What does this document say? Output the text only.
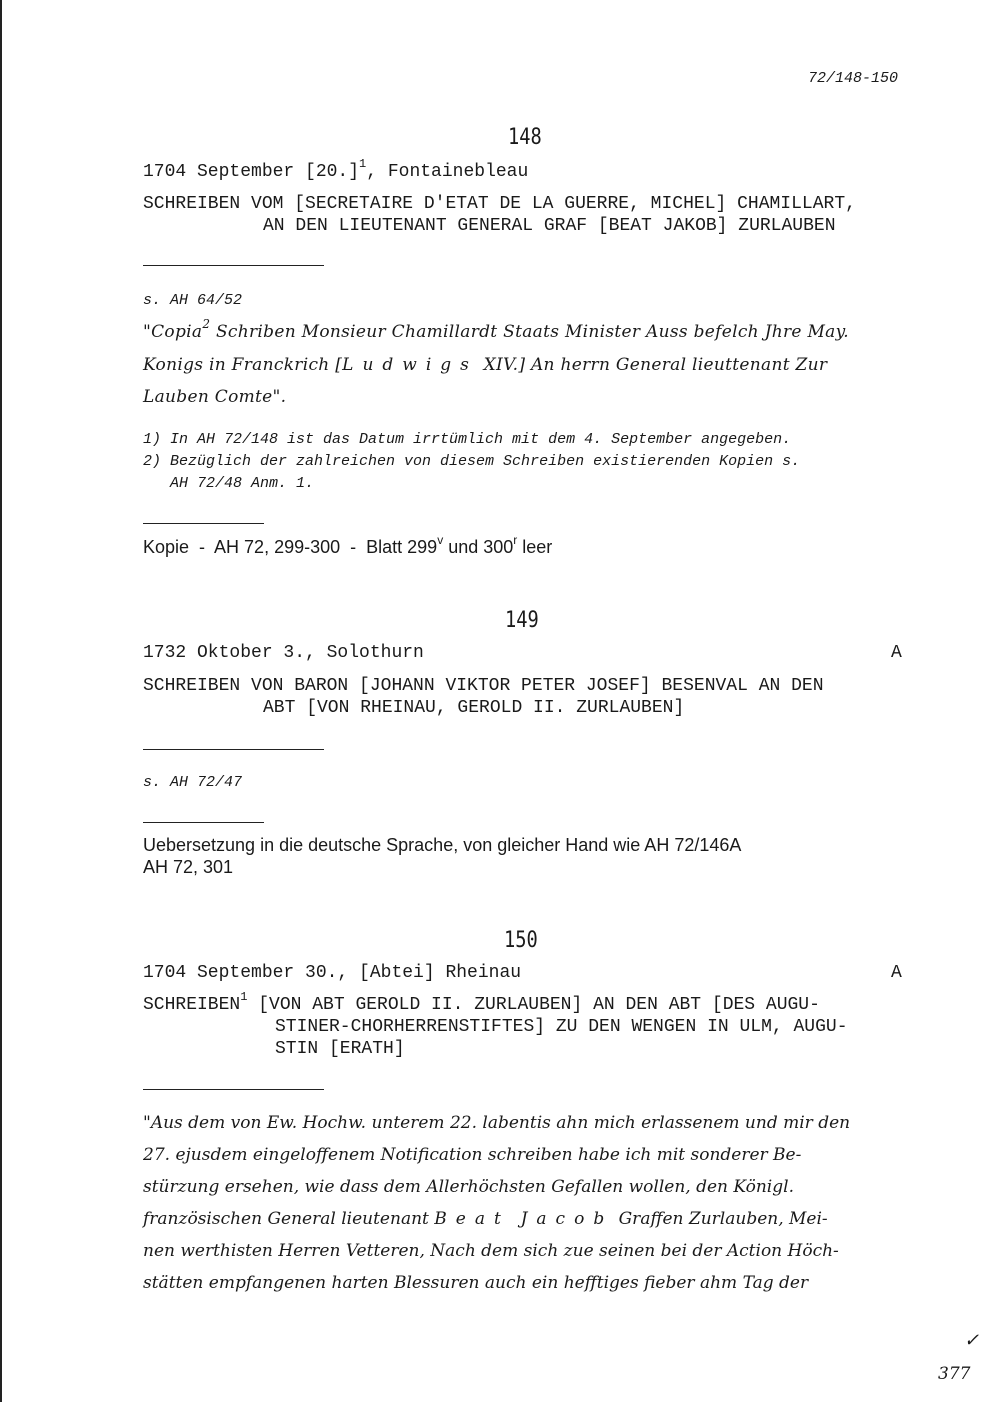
72/148-150
148
1704 September $[20.]^1$, Fontainebleau
SCHREIBEN VOM [SECRETAIRE D'ETAT DE LA GUERRE, MICHEL] CHAMILLART,
AN DEN LIEUTENANT GENERAL GRAF [BEAT JAKOB] ZURLAUBEN
s. AH 64/52
"Copia$^2$ Schriben Monsieur Chamillardt Staats Minister Auss befelch Jhre May.
Konigs in Franckrich [Ludwigs XIV.] An herrn General lieuttenant Zur
Lauben Comte".
1) In AH 72/148 ist das Datum irrtümlich mit dem 4. September angegeben.
2) Bezüglich der zahlreichen von diesem Schreiben existierenden Kopien s.
AH 72/48 Anm. 1.
Kopie  -  AH 72, 299-300  -  Blatt 299$^v$ und 300$^r$ leer
149
1732 Oktober 3., Solothurn	A
SCHREIBEN VON BARON [JOHANN VIKTOR PETER JOSEF] BESENVAL AN DEN
ABT [VON RHEINAU, GEROLD II. ZURLAUBEN]
s. AH 72/47
Uebersetzung in die deutsche Sprache, von gleicher Hand wie AH 72/146A
AH 72, 301
150
1704 September 30., [Abtei] Rheinau	A
SCHREIBEN$^1$ [VON ABT GEROLD II. ZURLAUBEN] AN DEN ABT [DES AUGU-
STINER-CHORHERRENSTIFTES] ZU DEN WENGEN IN ULM, AUGU-
STIN [ERATH]
"Aus dem von Ew. Hochw. unterem 22. labentis ahn mich erlassenem und mir den
27. ejusdem eingeloffenem Notification schreiben habe ich mit sonderer Be-
stürzung ersehen, wie dass dem Allerhöchsten Gefallen wollen, den Königl.
französischen General lieutenant Beat Jacob Graffen Zurlauben, Mei-
nen werthisten Herren Vetteren, Nach dem sich zue seinen bei der Action Höch-
stätten empfangenen harten Blessuren auch ein hefftiges fieber ahm Tag der
✓
377
